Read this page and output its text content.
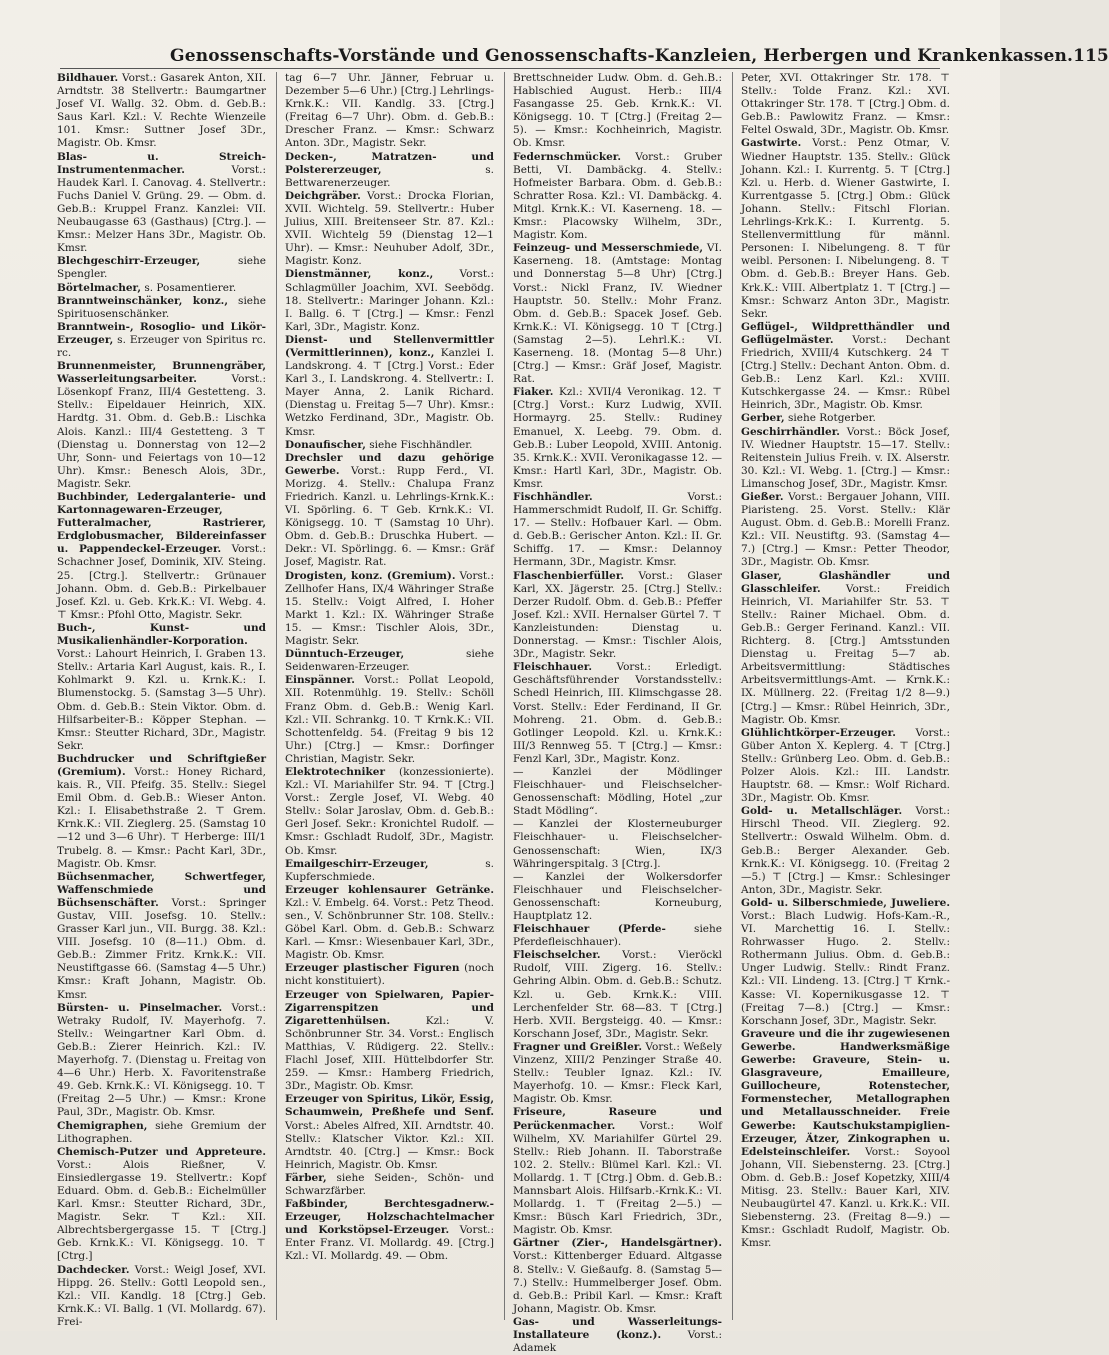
Genossenschafts-Vorstände und Genossenschafts-Kanzleien, Herbergen und Krankenkassen. 115

Bildhauer. Vorst.: Gasarek Anton, XII. Arndtstr. 38 Stellvertr.: Baumgartner Josef VI. Wallg. 32. Obm. d. Geb.B.: Saus Karl. Kzl.: V. Rechte Wienzeile 101. Kmsr.: Suttner Josef 3Dr., Magistr. Ob. Kmsr.

Blas- u. Streich-Instrumentenmacher. Vorst.: Haudek Karl. I. Canovag. 4. Stellvertr.: Fuchs Daniel V. Grüng. 29. — Obm. d. Geb.B.: Kruppel Franz. Kanzlei: VII. Neubaugasse 63 (Gasthaus) [Ctrg.]. — Kmsr.: Melzer Hans 3Dr., Magistr. Ob. Kmsr.

Blechgeschirr-Erzeuger, siehe Spengler.

Börtelmacher, s. Posamentierer.

Branntweinschänker, konz., siehe Spirituosenschänker.

Branntwein-, Rosoglio- und Likör-Erzeuger, s. Erzeuger von Spiritus rc. rc.

Brunnenmeister, Brunnengräber, Wasserleitungsarbeiter. Vorst.: Lösenkopf Franz, III/4 Gestetteng. 3. Stellv.: Eipeldauer Heinrich, XIX. Hardtg. 31. Obm. d. Geb.B.: Lischka Alois. Kanzl.: III/4 Gestetteng. 3 ⊤ (Dienstag u. Donnerstag von 12—2 Uhr, Sonn- und Feiertags von 10—12 Uhr). Kmsr.: Benesch Alois, 3Dr., Magistr. Sekr.

Buchbinder, Ledergalanterie- und Kartonnagewaren-Erzeuger, Futteralmacher, Rastrierer, Erdglobusmacher, Bildereinfasser u. Pappendeckel-Erzeuger. Vorst.: Schachner Josef, Dominik, XIV. Steing. 25. [Ctrg.]. Stellvertr.: Grünauer Johann. Obm. d. Geb.B.: Pirkelbauer Josef. Kzl. u. Geb. Krk.K.: VI. Webg. 4. ⊤ Kmsr.: Pfohl Otto, Magistr. Sekr.

Buch-, Kunst- und Musikalienhändler-Korporation. Vorst.: Lahourt Heinrich, I. Graben 13. Stellv.: Artaria Karl August, kais. R., I. Kohlmarkt 9. Kzl. u. Krnk.K.: I. Blumenstockg. 5. (Samstag 3—5 Uhr). Obm. d. Geb.B.: Stein Viktor. Obm. d. Hilfsarbeiter-B.: Köpper Stephan. — Kmsr.: Steutter Richard, 3Dr., Magistr. Sekr.

Buchdrucker und Schriftgießer (Gremium). Vorst.: Honey Richard, kais. R., VII. Pfeifg. 35. Stellv.: Siegel Emil Obm. d. Geb.B.: Wieser Anton. Kzl.: I. Elisabethstraße 2. ⊤ Grem. Krnk.K.: VII. Zieglerg. 25. (Samstag 10—12 und 3—6 Uhr). ⊤ Herberge: III/1 Trubelg. 8. — Kmsr.: Pacht Karl, 3Dr., Magistr. Ob. Kmsr.

Büchsenmacher, Schwertfeger, Waffenschmiede und Büchsenschäfter. Vorst.: Springer Gustav, VIII. Josefsg. 10. Stellv.: Grasser Karl jun., VII. Burgg. 38. Kzl.: VIII. Josefsg. 10 (8—11.) Obm. d. Geb.B.: Zimmer Fritz. Krnk.K.: VII. Neustiftgasse 66. (Samstag 4—5 Uhr.) Kmsr.: Kraft Johann, Magistr. Ob. Kmsr.

Bürsten- u. Pinselmacher. Vorst.: Wetraky Rudolf, IV. Mayerhofg. 7. Stellv.: Weingartner Karl Obm. d. Geb.B.: Zierer Heinrich. Kzl.: IV. Mayerhofg. 7. (Dienstag u. Freitag von 4—6 Uhr.) Herb. X. Favoritenstraße 49. Geb. Krnk.K.: VI. Königsegg. 10. ⊤ (Freitag 2—5 Uhr.) — Kmsr.: Krone Paul, 3Dr., Magistr. Ob. Kmsr.

Chemigraphen, siehe Gremium der Lithographen.

Chemisch-Putzer und Appreteure. Vorst.: Alois Rießner, V. Einsiedlergasse 19. Stellvertr.: Kopf Eduard. Obm. d. Geb.B.: Eichelmüller Karl. Kmsr.: Steutter Richard, 3Dr., Magistr. Sekr. ⊤ Kzl.: XII. Albrechtsbergergasse 15. ⊤ [Ctrg.] Geb. Krnk.K.: VI. Königsegg. 10. ⊤ [Ctrg.]

Dachdecker. Vorst.: Weigl Josef, XVI. Hippg. 26. Stellv.: Gottl Leopold sen., Kzl.: VII. Kandlg. 18 [Ctrg.] Geb. Krnk.K.: VI. Ballg. 1 (VI. Mollardg. 67). Frei-

tag 6—7 Uhr. Jänner, Februar u. Dezember 5—6 Uhr.) [Ctrg.] Lehrlings-Krnk.K.: VII. Kandlg. 33. [Ctrg.] (Freitag 6—7 Uhr). Obm. d. Geb.B.: Drescher Franz. — Kmsr.: Schwarz Anton. 3Dr., Magistr. Sekr.

Decken-, Matratzen- und Polstererzeuger, s. Bettwarenerzeuger.

Deichgräber. Vorst.: Drocka Florian, XVII. Wichtelg. 59. Stellvertr.: Huber Julius, XIII. Breitenseer Str. 87. Kzl.: XVII. Wichtelg 59 (Dienstag 12—1 Uhr). — Kmsr.: Neuhuber Adolf, 3Dr., Magistr. Konz.

Dienstmänner, konz., Vorst.: Schlagmüller Joachim, XVI. Seebödg. 18. Stellvertr.: Maringer Johann. Kzl.: I. Ballg. 6. ⊤ [Ctrg.] — Kmsr.: Fenzl Karl, 3Dr., Magistr. Konz.

Dienst- und Stellenvermittler (Vermittlerinnen), konz., Kanzlei I. Landskrong. 4. ⊤ [Ctrg.] Vorst.: Eder Karl 3., I. Landskrong. 4. Stellvertr.: I. Mayer Anna, 2. Lanik Richard. (Dienstag u. Freitag 5—7 Uhr). Kmsr.: Wetzko Ferdinand, 3Dr., Magistr. Ob. Kmsr.

Donaufischer, siehe Fischhändler.

Drechsler und dazu gehörige Gewerbe. Vorst.: Rupp Ferd., VI. Morizg. 4. Stellv.: Chalupa Franz Friedrich. Kanzl. u. Lehrlings-Krnk.K.: VI. Spörling. 6. ⊤ Geb. Krnk.K.: VI. Königsegg. 10. ⊤ (Samstag 10 Uhr). Obm. d. Geb.B.: Druschka Hubert. — Dekr.: VI. Spörlingg. 6. — Kmsr.: Gräf Josef, Magistr. Rat.

Drogisten, konz. (Gremium). Vorst.: Zellhofer Hans, IX/4 Währinger Straße 15. Stellv.: Voigt Alfred, I. Hoher Markt 1. Kzl.: IX. Währinger Straße 15. — Kmsr.: Tischler Alois, 3Dr., Magistr. Sekr.

Dünntuch-Erzeuger, siehe Seidenwaren-Erzeuger.

Einspänner. Vorst.: Pollat Leopold, XII. Rotenmühlg. 19. Stellv.: Schöll Franz Obm. d. Geb.B.: Wenig Karl. Kzl.: VII. Schrankg. 10. ⊤ Krnk.K.: VII. Schottenfeldg. 54. (Freitag 9 bis 12 Uhr.) [Ctrg.] — Kmsr.: Dorfinger Christian, Magistr. Sekr.

Elektrotechniker (konzessionierte). Kzl.: VI. Mariahilfer Str. 94. ⊤ [Ctrg.] Vorst.: Zergle Josef, VI. Webg. 40 Stellv.: Solar Jaroslav, Obm. d. Geb.B.: Gerl Josef. Sekr.: Kronichtel Rudolf. — Kmsr.: Gschladt Rudolf, 3Dr., Magistr. Ob. Kmsr.

Emailgeschirr-Erzeuger, s. Kupferschmiede.

Erzeuger kohlensaurer Getränke. Kzl.: V. Embelg. 64. Vorst.: Petz Theod. sen., V. Schönbrunner Str. 108. Stellv.: Göbel Karl. Obm. d. Geb.B.: Schwarz Karl. — Kmsr.: Wiesenbauer Karl, 3Dr., Magistr. Ob. Kmsr.

Erzeuger plastischer Figuren (noch nicht konstituiert).

Erzeuger von Spielwaren, Papier-Zigarrenspitzen und Zigarettenhülsen. Kzl.: V. Schönbrunner Str. 34. Vorst.: Englisch Matthias, V. Rüdigerg. 22. Stellv.: Flachl Josef, XIII. Hüttelbdorfer Str. 259. — Kmsr.: Hamberg Friedrich, 3Dr., Magistr. Ob. Kmsr.

Erzeuger von Spiritus, Likör, Essig, Schaumwein, Preßhefe und Senf. Vorst.: Abeles Alfred, XII. Arndtstr. 40. Stellv.: Klatscher Viktor. Kzl.: XII. Arndtstr. 40. [Ctrg.] — Kmsr.: Bock Heinrich, Magistr. Ob. Kmsr.

Färber, siehe Seiden-, Schön- und Schwarzfärber.

Faßbinder, Berchtesgadnerw.-Erzeuger, Holzschachtelmacher und Korkstöpsel-Erzeuger. Vorst.: Enter Franz. VI. Mollardg. 49. [Ctrg.] Kzl.: VI. Mollardg. 49. — Obm.

Brettschneider Ludw. Obm. d. Geh.B.: Hablschied August. Herb.: III/4 Fasangasse 25. Geb. Krnk.K.: VI. Königsegg. 10. ⊤ [Ctrg.] (Freitag 2—5). — Kmsr.: Kochheinrich, Magistr. Ob. Kmsr.

Federnschmücker. Vorst.: Gruber Betti, VI. Dambäckg. 4. Stellv.: Hofmeister Barbara. Obm. d. Geb.B.: Schratter Rosa. Kzl.: VI. Dambäckg. 4. Mitgl. Krnk.K.: VI. Kaserneng. 18. — Kmsr.: Placowsky Wilhelm, 3Dr., Magistr. Kom.

Feinzeug- und Messerschmiede, VI. Kaserneng. 18. (Amtstage: Montag und Donnerstag 5—8 Uhr) [Ctrg.] Vorst.: Nickl Franz, IV. Wiedner Hauptstr. 50. Stellv.: Mohr Franz. Obm. d. Geb.B.: Spacek Josef. Geb. Krnk.K.: VI. Königsegg. 10 ⊤ [Ctrg.] (Samstag 2—5). Lehrl.K.: VI. Kaserneng. 18. (Montag 5—8 Uhr.) [Ctrg.] — Kmsr.: Gräf Josef, Magistr. Rat.

Fiaker. Kzl.: XVII/4 Veronikag. 12. ⊤ [Ctrg.] Vorst.: Kurz Ludwig, XVII. Hormayrg. 25. Stellv.: Rudiney Emanuel, X. Leebg. 79. Obm. d. Geb.B.: Luber Leopold, XVIII. Antonig. 35. Krnk.K.: XVII. Veronikagasse 12. — Kmsr.: Hartl Karl, 3Dr., Magistr. Ob. Kmsr.

Fischhändler. Vorst.: Hammerschmidt Rudolf, II. Gr. Schiffg. 17. — Stellv.: Hofbauer Karl. — Obm. d. Geb.B.: Gerischer Anton. Kzl.: II. Gr. Schiffg. 17. — Kmsr.: Delannoy Hermann, 3Dr., Magistr. Kmsr.

Flaschenbierfüller. Vorst.: Glaser Karl, XX. Jägerstr. 25. [Ctrg.] Stellv.: Derzer Rudolf. Obm. d. Geb.B.: Pfeffer Josef. Kzl.: XVII. Hernalser Gürtel 7. ⊤ Kanzleistunden: Dienstag u. Donnerstag. — Kmsr.: Tischler Alois, 3Dr., Magistr. Sekr.

Fleischhauer. Vorst.: Erledigt. Geschäftsführender Vorstandsstellv.: Schedl Heinrich, III. Klimschgasse 28. Vorst. Stellv.: Eder Ferdinand, II Gr. Mohreng. 21. Obm. d. Geb.B.: Gotlinger Leopold. Kzl. u. Krnk.K.: III/3 Rennweg 55. ⊤ [Ctrg.] — Kmsr.: Fenzl Karl, 3Dr., Magistr. Konz.

— Kanzlei der Mödlinger Fleischhauer- und Fleischselcher-Genossenschaft: Mödling, Hotel „zur Stadt Mödling“.

— Kanzlei der Klosterneuburger Fleischhauer- u. Fleischselcher-Genossenschaft: Wien, IX/3 Währingerspitalg. 3 [Ctrg.].

— Kanzlei der Wolkersdorfer Fleischhauer und Fleischselcher-Genossenschaft: Korneuburg, Hauptplatz 12.

Fleischhauer (Pferde- siehe Pferdefleischhauer).

Fleischselcher. Vorst.: Vieröckl Rudolf, VIII. Zigerg. 16. Stellv.: Gehring Albin. Obm. d. Geb.B.: Schutz. Kzl. u. Geb. Krnk.K.: VIII. Lerchenfelder Str. 68—83. ⊤ [Ctrg.] Herb. XVII. Bergsteigg. 40. — Kmsr.: Korschann Josef, 3Dr., Magistr. Sekr.

Fragner und Greißler. Vorst.: Weßely Vinzenz, XIII/2 Penzinger Straße 40. Stellv.: Teubler Ignaz. Kzl.: IV. Mayerhofg. 10. — Kmsr.: Fleck Karl, Magistr. Ob. Kmsr.

Friseure, Raseure und Perückenmacher. Vorst.: Wolf Wilhelm, XV. Mariahilfer Gürtel 29. Stellv.: Rieb Johann. II. Taborstraße 102. 2. Stellv.: Blümel Karl. Kzl.: VI. Mollardg. 1. ⊤ [Ctrg.] Obm. d. Geb.B.: Mannsbart Alois. Hilfsarb.-Krnk.K.: VI. Mollardg. 1. ⊤ (Freitag 2—5.) — Kmsr.: Büsch Karl Friedrich, 3Dr., Magistr. Ob. Kmsr.

Gärtner (Zier-, Handelsgärtner). Vorst.: Kittenberger Eduard. Altgasse 8. Stellv.: V. Gießaufg. 8. (Samstag 5—7.) Stellv.: Hummelberger Josef. Obm. d. Geb.B.: Pribil Karl. — Kmsr.: Kraft Johann, Magistr. Ob. Kmsr.

Gas- und Wasserleitungs-Installateure (konz.). Vorst.: Adamek

Peter, XVI. Ottakringer Str. 178. ⊤ Stellv.: Tolde Franz. Kzl.: XVI. Ottakringer Str. 178. ⊤ [Ctrg.] Obm. d. Geb.B.: Pawlowitz Franz. — Kmsr.: Feltel Oswald, 3Dr., Magistr. Ob. Kmsr.

Gastwirte. Vorst.: Penz Otmar, V. Wiedner Hauptstr. 135. Stellv.: Glück Johann. Kzl.: I. Kurrentg. 5. ⊤ [Ctrg.] Kzl. u. Herb. d. Wiener Gastwirte, I. Kurrentgasse 5. [Ctrg.] Obm.: Glück Johann. Stellv.: Fitschl Florian. Lehrlings-Krk.K.: I. Kurrentg. 5. Stellenvermittlung für männl. Personen: I. Nibelungeng. 8. ⊤ für weibl. Personen: I. Nibelungeng. 8. ⊤ Obm. d. Geb.B.: Breyer Hans. Geb. Krk.K.: VIII. Albertplatz 1. ⊤ [Ctrg.] — Kmsr.: Schwarz Anton 3Dr., Magistr. Sekr.

Geflügel-, Wildpretthändler und Geflügelmäster. Vorst.: Dechant Friedrich, XVIII/4 Kutschkerg. 24 ⊤ [Ctrg.] Stellv.: Dechant Anton. Obm. d. Geb.B.: Lenz Karl. Kzl.: XVIII. Kutschkergasse 24. — Kmsr.: Rübel Heinrich, 3Dr., Magistr. Ob. Kmsr.

Gerber, siehe Rotgerber.

Geschirrhändler. Vorst.: Böck Josef, IV. Wiedner Hauptstr. 15—17. Stellv.: Reitenstein Julius Freih. v. IX. Alserstr. 30. Kzl.: VI. Webg. 1. [Ctrg.] — Kmsr.: Limanschog Josef, 3Dr., Magistr. Kmsr.

Gießer. Vorst.: Bergauer Johann, VIII. Piaristeng. 25. Vorst. Stellv.: Klär August. Obm. d. Geb.B.: Morelli Franz. Kzl.: VII. Neustiftg. 93. (Samstag 4—7.) [Ctrg.] — Kmsr.: Petter Theodor, 3Dr., Magistr. Ob. Kmsr.

Glaser, Glashändler und Glasschleifer. Vorst.: Freidich Heinrich, VI. Mariahilfer Str. 53. ⊤ Stellv.: Rainer Michael. Obm. d. Geb.B.: Gerger Ferinand. Kanzl.: VII. Richterg. 8. [Ctrg.] Amtsstunden Dienstag u. Freitag 5—7 ab. Arbeitsvermittlung: Städtisches Arbeitsvermittlungs-Amt. — Krnk.K.: IX. Müllnerg. 22. (Freitag 1/2 8—9.) [Ctrg.] — Kmsr.: Rübel Heinrich, 3Dr., Magistr. Ob. Kmsr.

Glühlichtkörper-Erzeuger. Vorst.: Güber Anton X. Keplerg. 4. ⊤ [Ctrg.] Stellv.: Grünberg Leo. Obm. d. Geb.B.: Polzer Alois. Kzl.: III. Landstr. Hauptstr. 68. — Kmsr.: Wolf Richard. 3Dr., Magistr. Ob. Kmsr.

Gold- u. Metallschläger. Vorst.: Hirschl Theod. VII. Zieglerg. 92. Stellvertr.: Oswald Wilhelm. Obm. d. Geb.B.: Berger Alexander. Geb. Krnk.K.: VI. Königsegg. 10. (Freitag 2—5.) ⊤ [Ctrg.] — Kmsr.: Schlesinger Anton, 3Dr., Magistr. Sekr.

Gold- u. Silberschmiede, Juweliere. Vorst.: Blach Ludwig. Hofs-Kam.-R., VI. Marchettig 16. I. Stellv.: Rohrwasser Hugo. 2. Stellv.: Rothermann Julius. Obm. d. Geb.B.: Unger Ludwig. Stellv.: Rindt Franz. Kzl.: VII. Lindeng. 13. [Ctrg.] ⊤ Krnk.-Kasse: VI. Kopernikusgasse 12. ⊤ (Freitag 7—8.) [Ctrg.] — Kmsr.: Korschann Josef, 3Dr., Magistr. Sekr.

Graveure und die ihr zugewiesenen Gewerbe. Handwerksmäßige Gewerbe: Graveure, Stein- u. Glasgraveure, Emailleure, Guillocheure, Rotenstecher, Formenstecher, Metallographen und Metallausschneider. Freie Gewerbe: Kautschukstampiglien-Erzeuger, Ätzer, Zinkographen u. Edelsteinschleifer. Vorst.: Soyool Johann, VII. Siebensterng. 23. [Ctrg.] Obm. d. Geb.B.: Josef Kopetzky, XIII/4 Mitisg. 23. Stellv.: Bauer Karl, XIV. Neubaugürtel 47. Kanzl. u. Krk.K.: VII. Siebensterng. 23. (Freitag 8—9.) — Kmsr.: Gschladt Rudolf, Magistr. Ob. Kmsr.
